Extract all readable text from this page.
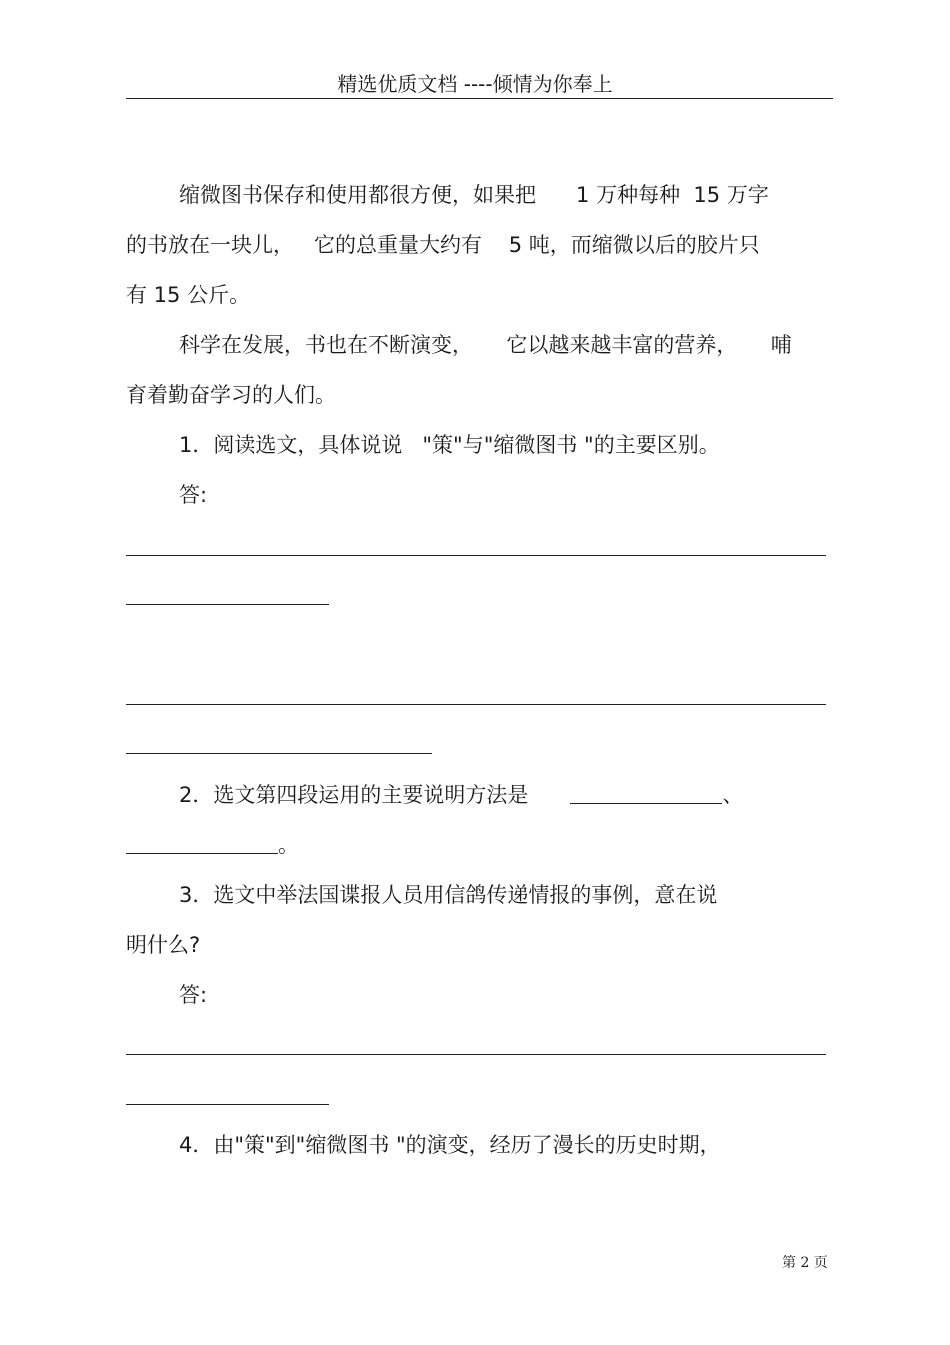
精选优质文档 ----倾情为你奉上
缩微图书保存和使用都很方便，如果把      1 万种每种  15 万字
的书放在一块儿，   它的总重量大约有    5 吨，而缩微以后的胶片只
有 15 公斤。
科学在发展，书也在不断演变，     它以越来越丰富的营养，     哺
育着勤奋学习的人们。
1．阅读选文，具体说说   "策"与"缩微图书 "的主要区别。
答:
2．选文第四段运用的主要说明方法是	、
。
3．选文中举法国谍报人员用信鸽传递情报的事例，意在说
明什么?
答:
4．由"策"到"缩微图书 "的演变，经历了漫长的历史时期，
第 2 页
